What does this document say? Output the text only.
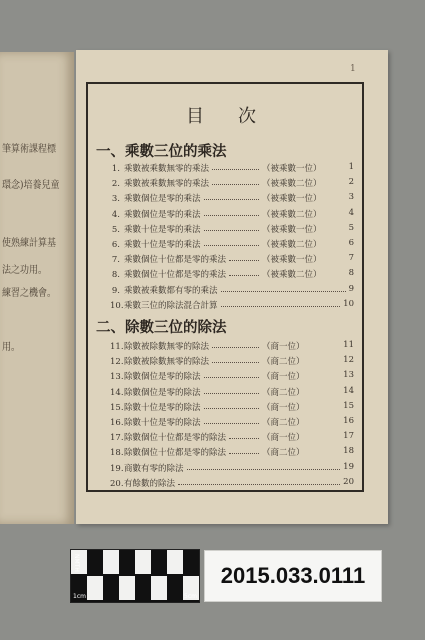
筆算術課程標
環念)培養兒童
使熟練計算基
法之功用。
練習之機會。
用。
1
目　次
一、乘數三位的乘法
二、除數三位的除法
1. 乘數被乘數無零的乘法	（被乘數一位）	1
2. 乘數被乘數無零的乘法	（被乘數二位）	2
3. 乘數個位是零的乘法	（被乘數一位）	3
4. 乘數個位是零的乘法	（被乘數二位）	4
5. 乘數十位是零的乘法	（被乘數一位）	5
6. 乘數十位是零的乘法	（被乘數二位）	6
7. 乘數個位十位都是零的乘法	（被乘數一位）	7
8. 乘數個位十位都是零的乘法	（被乘數二位）	8
9. 乘數被乘數都有零的乘法	9
10.乘數三位的除法混合計算	10
11.除數被除數無零的除法	（商一位）	11
12.除數被除數無零的除法	（商二位）	12
13.除數個位是零的除法	（商一位）	13
14.除數個位是零的除法	（商二位）	14
15.除數十位是零的除法	（商一位）	15
16.除數十位是零的除法	（商二位）	16
17.除數個位十位都是零的除法	（商一位）	17
18.除數個位十位都是零的除法	（商二位）	18
19.商數有零的除法	19
20.有餘數的除法	20
1cm	5cm
NMTH
2015.033.0111
